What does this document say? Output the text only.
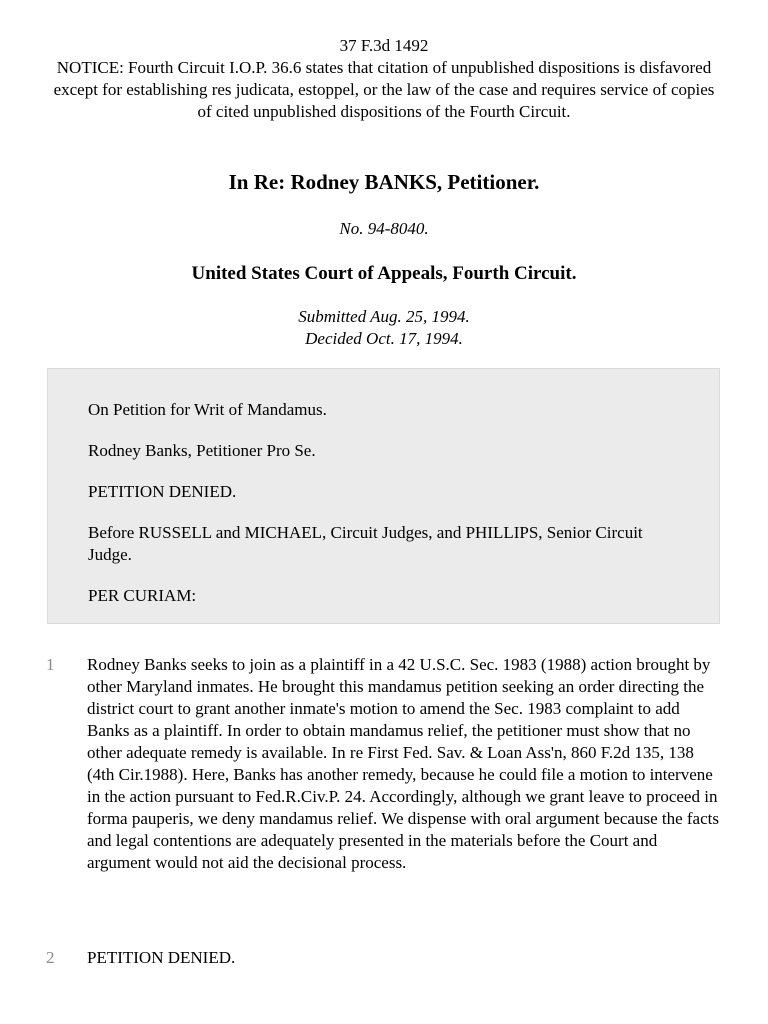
37 F.3d 1492

NOTICE: Fourth Circuit I.O.P. 36.6 states that citation of unpublished dispositions is disfavored except for establishing res judicata, estoppel, or the law of the case and requires service of copies of cited unpublished dispositions of the Fourth Circuit.

In Re: Rodney BANKS, Petitioner.

No. 94-8040.

United States Court of Appeals, Fourth Circuit.

Submitted Aug. 25, 1994.

Decided Oct. 17, 1994.

On Petition for Writ of Mandamus.

Rodney Banks, Petitioner Pro Se.

PETITION DENIED.

Before RUSSELL and MICHAEL, Circuit Judges, and PHILLIPS, Senior Circuit Judge.

PER CURIAM:

1 Rodney Banks seeks to join as a plaintiff in a 42 U.S.C. Sec. 1983 (1988) action brought by other Maryland inmates. He brought this mandamus petition seeking an order directing the district court to grant another inmate's motion to amend the Sec. 1983 complaint to add Banks as a plaintiff. In order to obtain mandamus relief, the petitioner must show that no other adequate remedy is available. In re First Fed. Sav. & Loan Ass'n, 860 F.2d 135, 138 (4th Cir.1988). Here, Banks has another remedy, because he could file a motion to intervene in the action pursuant to Fed.R.Civ.P. 24. Accordingly, although we grant leave to proceed in forma pauperis, we deny mandamus relief. We dispense with oral argument because the facts and legal contentions are adequately presented in the materials before the Court and argument would not aid the decisional process.

2 PETITION DENIED.
